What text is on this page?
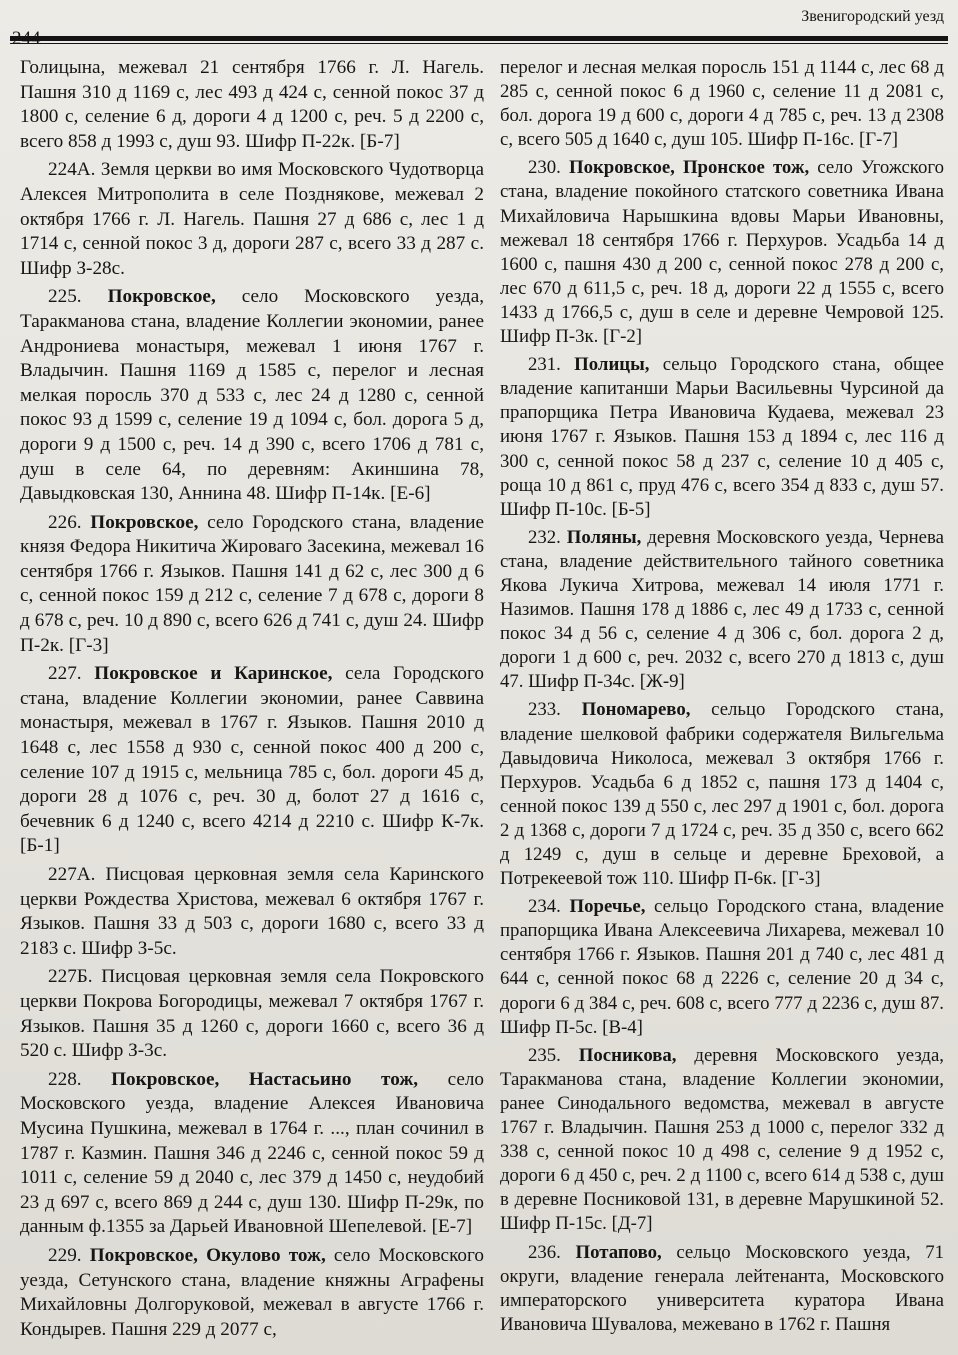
Звенигородский уезд

Голицына, межевал 21 сентября 1766 г. Л. Нагель. Пашня 310 д 1169 с, лес 493 д 424 с, сенной покос 37 д 1800 с, селение 6 д, дороги 4 д 1200 с, реч. 5 д 2200 с, всего 858 д 1993 с, душ 93. Шифр П-22к. [Б-7]

224А. Земля церкви во имя Московского Чудотворца Алексея Митрополита в селе Позднякове, межевал 2 октября 1766 г. Л. Нагель. Пашня 27 д 686 с, лес 1 д 1714 с, сенной покос 3 д, дороги 287 с, всего 33 д 287 с. Шифр З-28с.

225. Покровское, село Московского уезда, Таракманова стана, владение Коллегии экономии, ранее Андрониева монастыря, межевал 1 июня 1767 г. Владычин. Пашня 1169 д 1585 с, перелог и лесная мелкая поросль 370 д 533 с, лес 24 д 1280 с, сенной покос 93 д 1599 с, селение 19 д 1094 с, бол. дорога 5 д, дороги 9 д 1500 с, реч. 14 д 390 с, всего 1706 д 781 с, душ в селе 64, по деревням: Акиншина 78, Давыдковская 130, Аннина 48. Шифр П-14к. [Е-6]

226. Покровское, село Городского стана, владение князя Федора Никитича Жироваго Засекина, межевал 16 сентября 1766 г. Языков. Пашня 141 д 62 с, лес 300 д 6 с, сенной покос 159 д 212 с, селение 7 д 678 с, дороги 8 д 678 с, реч. 10 д 890 с, всего 626 д 741 с, душ 24. Шифр П-2к. [Г-3]

227. Покровское и Каринское, села Городского стана, владение Коллегии экономии, ранее Саввина монастыря, межевал в 1767 г. Языков. Пашня 2010 д 1648 с, лес 1558 д 930 с, сенной покос 400 д 200 с, селение 107 д 1915 с, мельница 785 с, бол. дороги 45 д, дороги 28 д 1076 с, реч. 30 д, болот 27 д 1616 с, бечевник 6 д 1240 с, всего 4214 д 2210 с. Шифр К-7к. [Б-1]

227А. Писцовая церковная земля села Каринского церкви Рождества Христова, межевал 6 октября 1767 г. Языков. Пашня 33 д 503 с, дороги 1680 с, всего 33 д 2183 с. Шифр З-5с.

227Б. Писцовая церковная земля села Покровского церкви Покрова Богородицы, межевал 7 октября 1767 г. Языков. Пашня 35 д 1260 с, дороги 1660 с, всего 36 д 520 с. Шифр З-3с.

228. Покровское, Настасьино тож, село Московского уезда, владение Алексея Ивановича Мусина Пушкина, межевал в 1764 г. ..., план сочинил в 1787 г. Казмин. Пашня 346 д 2246 с, сенной покос 59 д 1011 с, селение 59 д 2040 с, лес 379 д 1450 с, неудобий 23 д 697 с, всего 869 д 244 с, душ 130. Шифр П-29к, по данным ф.1355 за Дарьей Ивановной Шепелевой. [Е-7]

229. Покровское, Окулово тож, село Московского уезда, Сетунского стана, владение княжны Аграфены Михайловны Долгоруковой, межевал в августе 1766 г. Кондырев. Пашня 229 д 2077 с,

перелог и лесная мелкая поросль 151 д 1144 с, лес 68 д 285 с, сенной покос 6 д 1960 с, селение 11 д 2081 с, бол. дорога 19 д 600 с, дороги 4 д 785 с, реч. 13 д 2308 с, всего 505 д 1640 с, душ 105. Шифр П-16с. [Г-7]

230. Покровское, Пронское тож, село Угожского стана, владение покойного статского советника Ивана Михайловича Нарышкина вдовы Марьи Ивановны, межевал 18 сентября 1766 г. Перхуров. Усадьба 14 д 1600 с, пашня 430 д 200 с, сенной покос 278 д 200 с, лес 670 д 611,5 с, реч. 18 д, дороги 22 д 1555 с, всего 1433 д 1766,5 с, душ в селе и деревне Чемровой 125. Шифр П-3к. [Г-2]

231. Полицы, сельцо Городского стана, общее владение капитанши Марьи Васильевны Чурсиной да прапорщика Петра Ивановича Кудаева, межевал 23 июня 1767 г. Языков. Пашня 153 д 1894 с, лес 116 д 300 с, сенной покос 58 д 237 с, селение 10 д 405 с, роща 10 д 861 с, пруд 476 с, всего 354 д 833 с, душ 57. Шифр П-10с. [Б-5]

232. Поляны, деревня Московского уезда, Чернева стана, владение действительного тайного советника Якова Лукича Хитрова, межевал 14 июля 1771 г. Назимов. Пашня 178 д 1886 с, лес 49 д 1733 с, сенной покос 34 д 56 с, селение 4 д 306 с, бол. дорога 2 д, дороги 1 д 600 с, реч. 2032 с, всего 270 д 1813 с, душ 47. Шифр П-34с. [Ж-9]

233. Пономарево, сельцо Городского стана, владение шелковой фабрики содержателя Вильгельма Давыдовича Николоса, межевал 3 октября 1766 г. Перхуров. Усадьба 6 д 1852 с, пашня 173 д 1404 с, сенной покос 139 д 550 с, лес 297 д 1901 с, бол. дорога 2 д 1368 с, дороги 7 д 1724 с, реч. 35 д 350 с, всего 662 д 1249 с, душ в сельце и деревне Бреховой, а Потрекеевой тож 110. Шифр П-6к. [Г-3]

234. Поречье, сельцо Городского стана, владение прапорщика Ивана Алексеевича Лихарева, межевал 10 сентября 1766 г. Языков. Пашня 201 д 740 с, лес 481 д 644 с, сенной покос 68 д 2226 с, селение 20 д 34 с, дороги 6 д 384 с, реч. 608 с, всего 777 д 2236 с, душ 87. Шифр П-5с. [В-4]

235. Посникова, деревня Московского уезда, Таракманова стана, владение Коллегии экономии, ранее Синодального ведомства, межевал в августе 1767 г. Владычин. Пашня 253 д 1000 с, перелог 332 д 338 с, сенной покос 10 д 498 с, селение 9 д 1952 с, дороги 6 д 450 с, реч. 2 д 1100 с, всего 614 д 538 с, душ в деревне Посниковой 131, в деревне Марушкиной 52. Шифр П-15с. [Д-7]

236. Потапово, сельцо Московского уезда, 71 округи, владение генерала лейтенанта, Московского императорского университета куратора Ивана Ивановича Шувалова, межевано в 1762 г. Пашня
